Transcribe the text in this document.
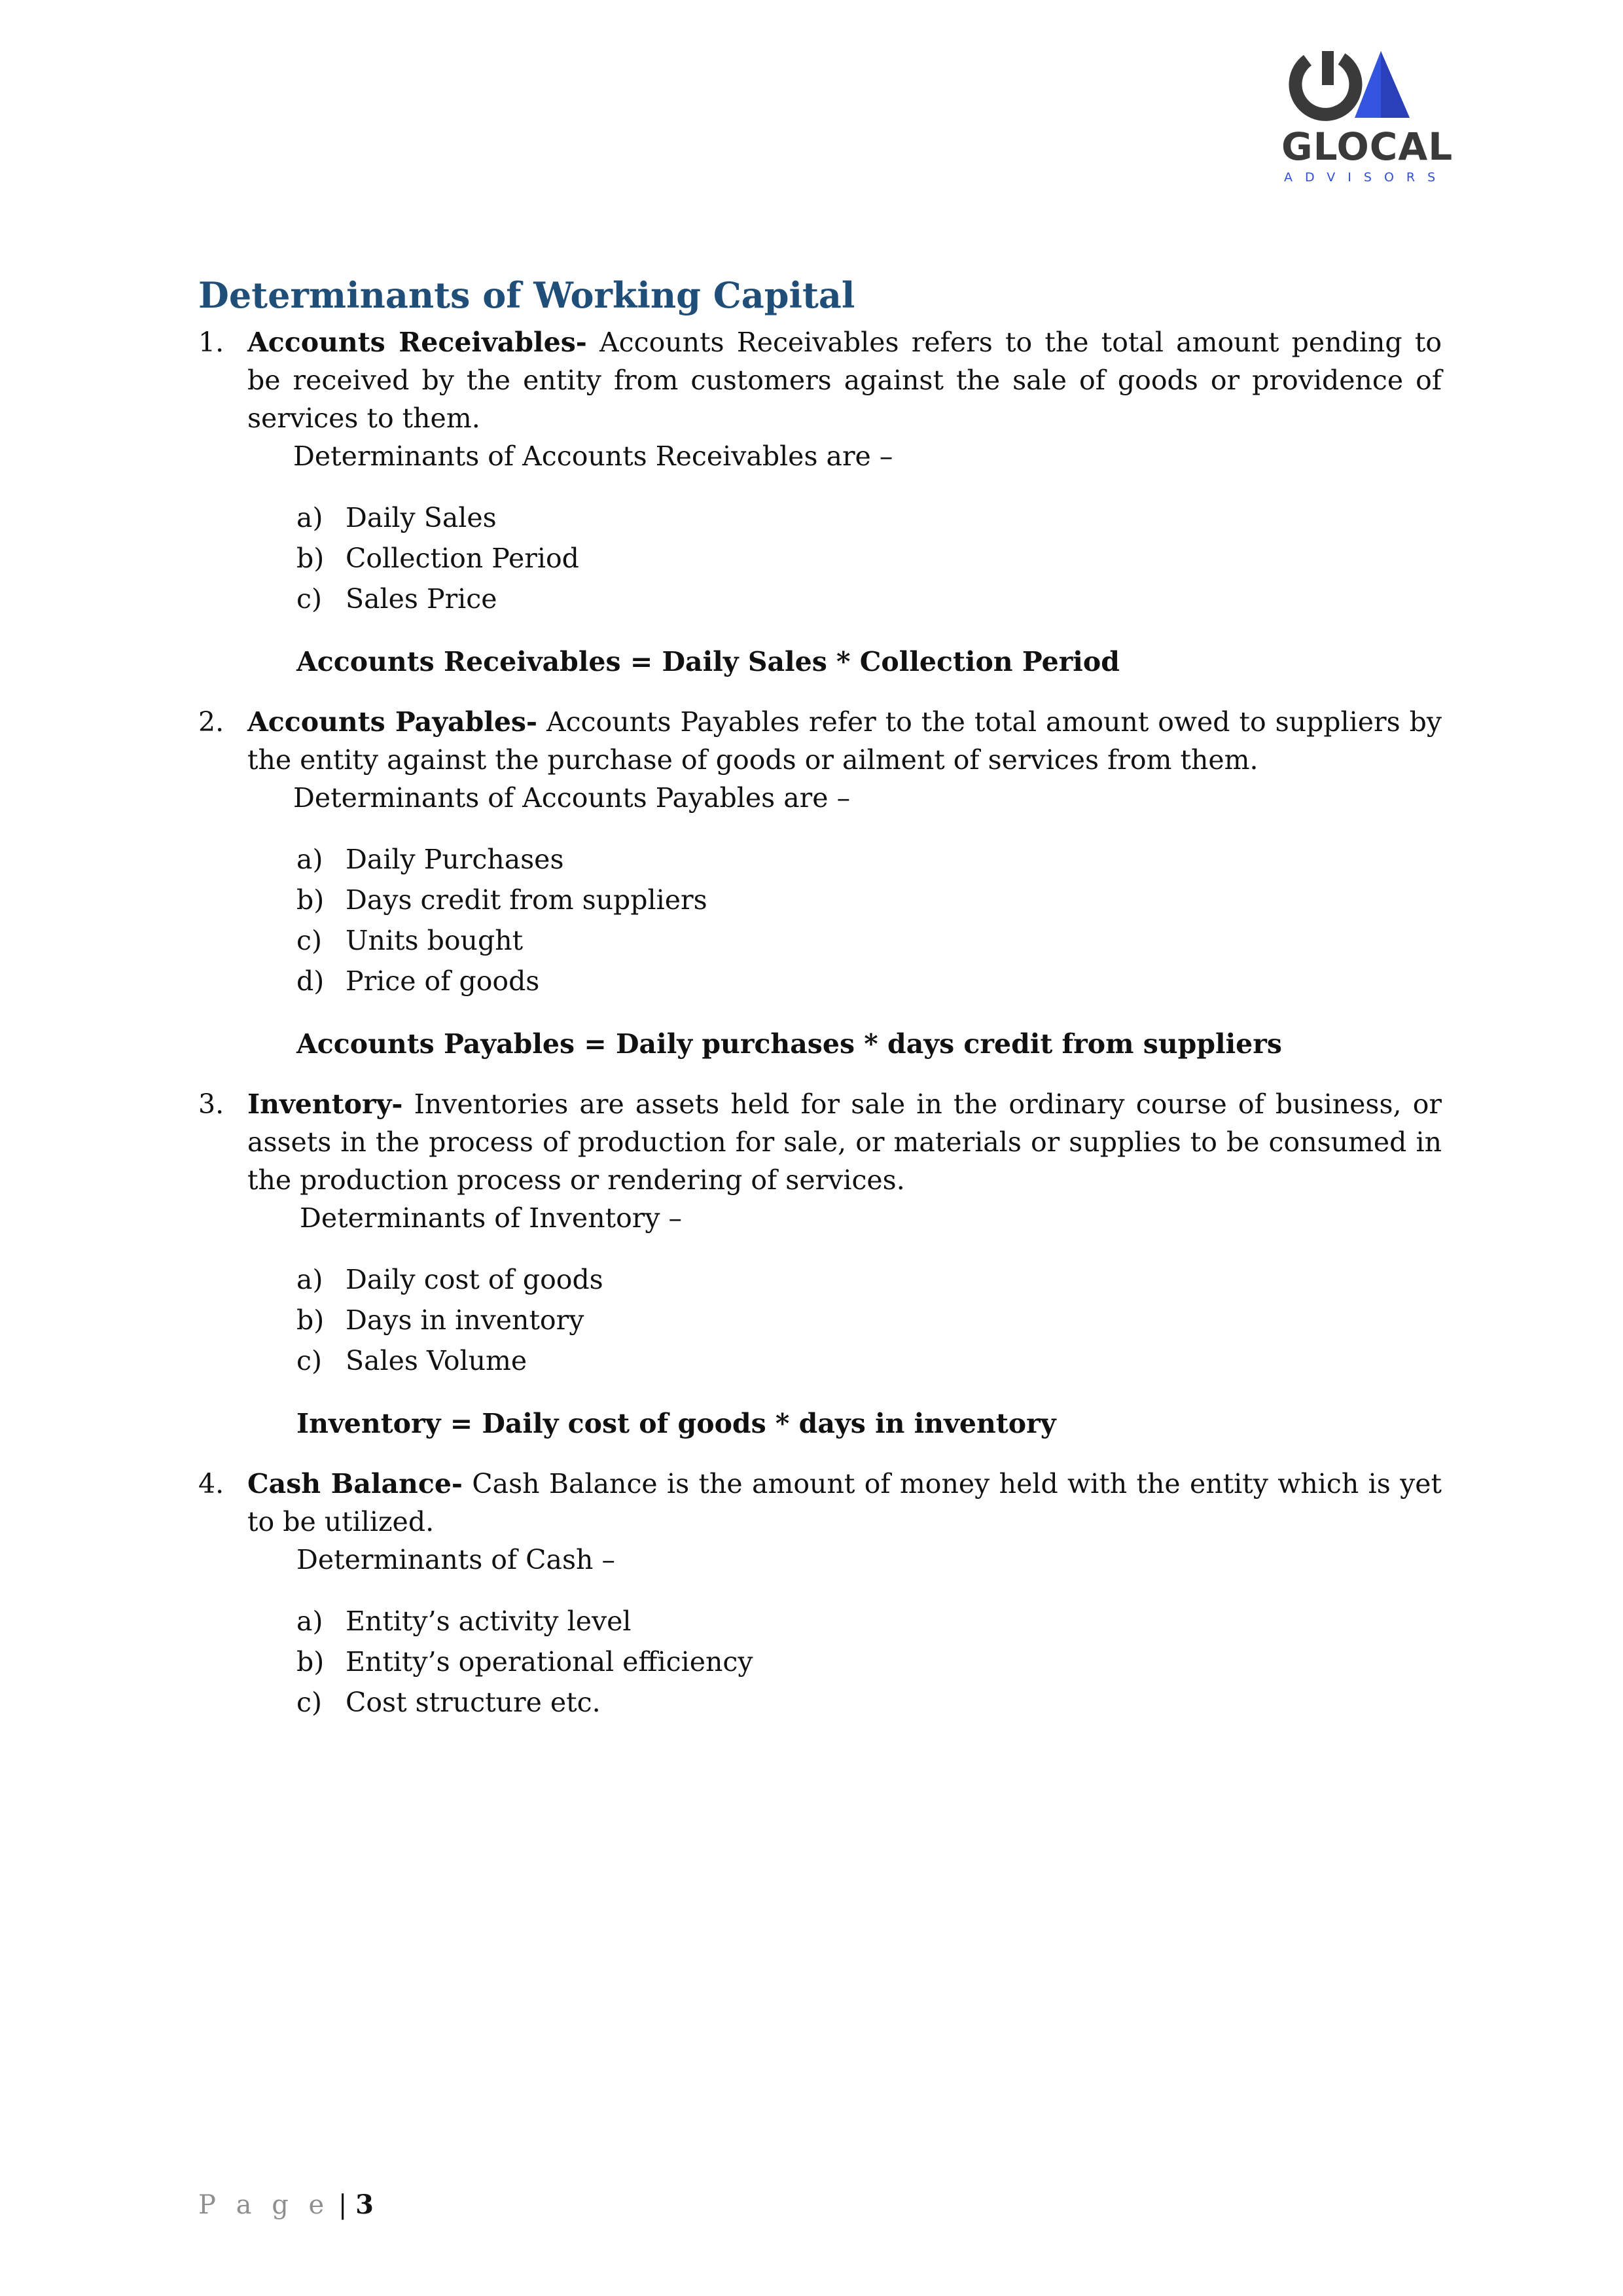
GLOCAL
ADVISORS
Determinants of Working Capital
1. Accounts Receivables- Accounts Receivables refers to the total amount pending to be received by the entity from customers against the sale of goods or providence of services to them.
Determinants of Accounts Receivables are –
a) Daily Sales
b) Collection Period
c) Sales Price
Accounts Receivables = Daily Sales * Collection Period
2. Accounts Payables- Accounts Payables refer to the total amount owed to suppliers by the entity against the purchase of goods or ailment of services from them.
Determinants of Accounts Payables are –
a) Daily Purchases
b) Days credit from suppliers
c) Units bought
d) Price of goods
Accounts Payables = Daily purchases * days credit from suppliers
3. Inventory- Inventories are assets held for sale in the ordinary course of business, or assets in the process of production for sale, or materials or supplies to be consumed in the production process or rendering of services.
Determinants of Inventory –
a) Daily cost of goods
b) Days in inventory
c) Sales Volume
Inventory = Daily cost of goods * days in inventory
4. Cash Balance- Cash Balance is the amount of money held with the entity which is yet to be utilized.
Determinants of Cash –
a) Entity’s activity level
b) Entity’s operational efficiency
c) Cost structure etc.
P a g e | 3
